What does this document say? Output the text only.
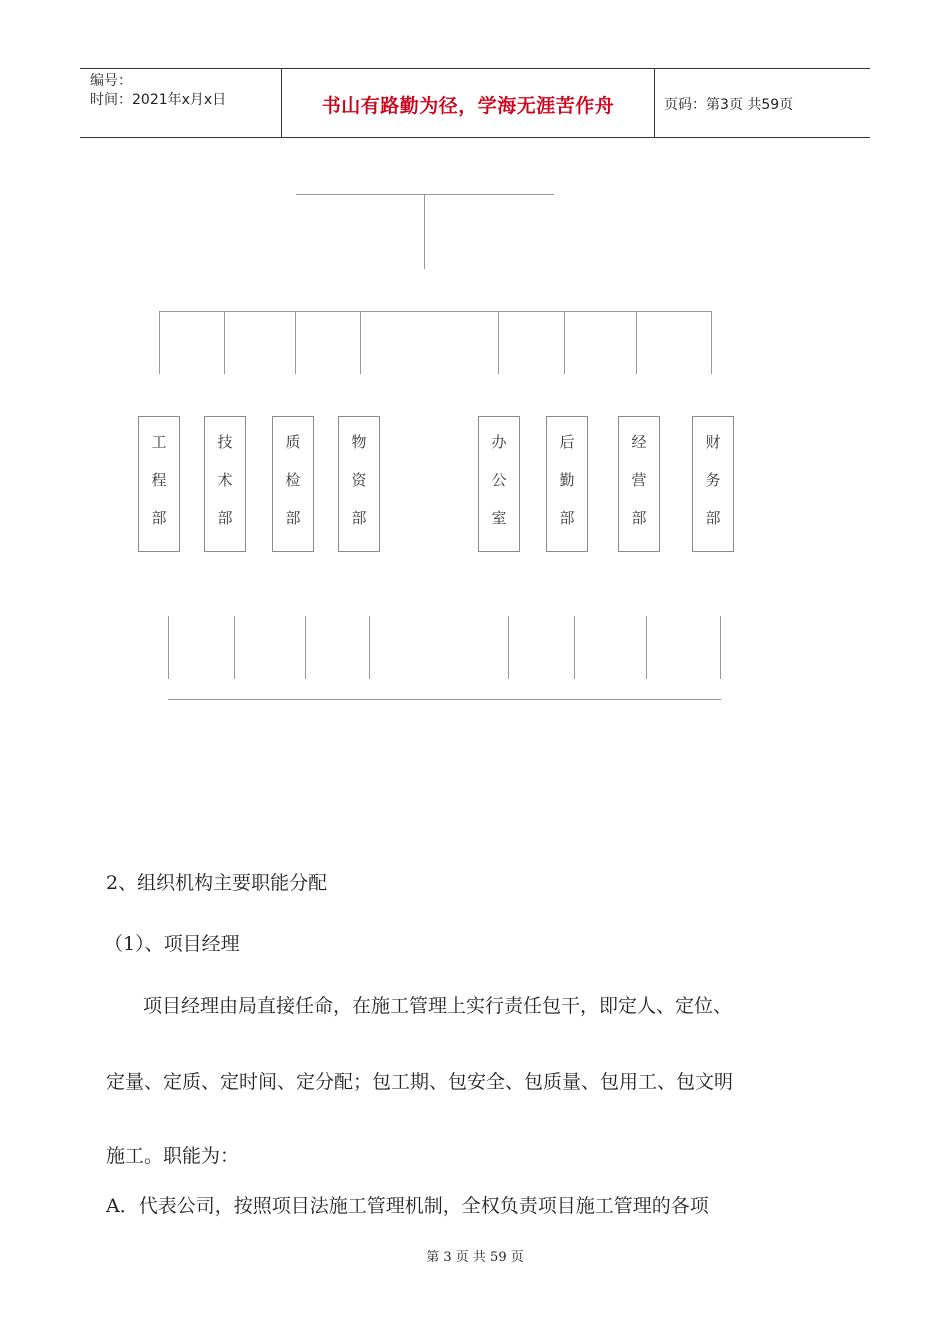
编号：
时间：2021年x月x日	书山有路勤为径，学海无涯苦作舟	页码：第3页 共59页
工
程
部
技
术
部
质
检
部
物
资
部
办
公
室
后
勤
部
经
营
部
财
务
部
2、组织机构主要职能分配
（1）、项目经理
项目经理由局直接任命，在施工管理上实行责任包干，即定人、定位、
定量、定质、定时间、定分配；包工期、包安全、包质量、包用工、包文明
施工。职能为：
A．代表公司，按照项目法施工管理机制，全权负责项目施工管理的各项
第 3 页 共 59 页
